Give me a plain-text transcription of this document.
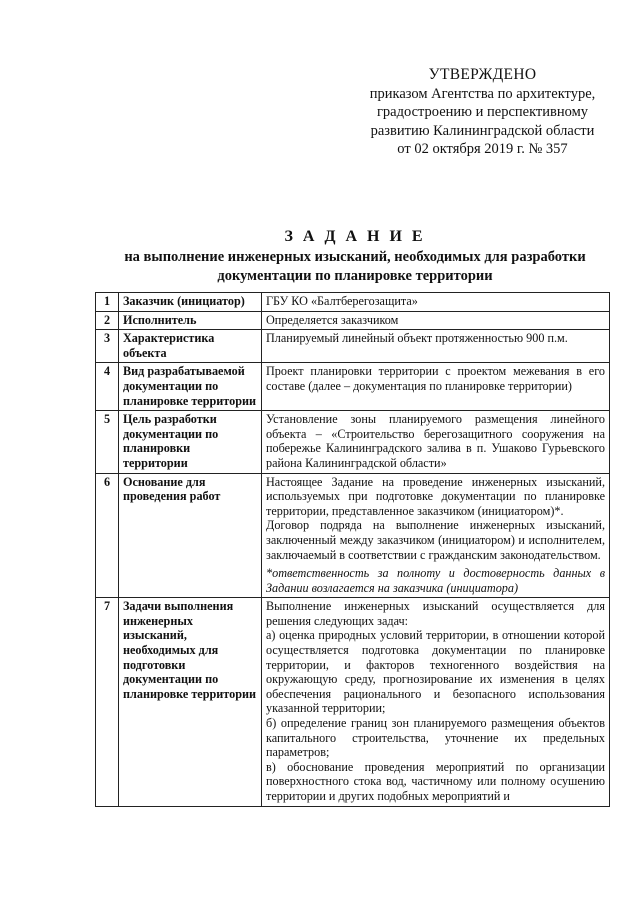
УТВЕРЖДЕНО
приказом Агентства по архитектуре,
градостроению и перспективному
развитию Калининградской области
от 02 октября 2019 г. № 357
З А Д А Н И Е
на выполнение инженерных изысканий, необходимых для разработки
документации по планировке территории
1	Заказчик (инициатор)	ГБУ КО «Балтберегозащита»
2	Исполнитель	Определяется заказчиком
3	Характеристика объекта	Планируемый линейный объект протяженностью 900 п.м.
4	Вид разрабатываемой документации по планировке территории	Проект планировки территории с проектом межевания в его составе (далее – документация по планировке территории)
5	Цель разработки документации по планировки территории	Установление зоны планируемого размещения линейного объекта – «Строительство берегозащитного сооружения на побережье Калининградского залива в п. Ушаково Гурьевского района Калининградской области»
6	Основание для проведения работ	Настоящее Задание на проведение инженерных изысканий, используемых при подготовке документации по планировке территории, представленное заказчиком (инициатором)*.

Договор подряда на выполнение инженерных изысканий, заключенный между заказчиком (инициатором) и исполнителем, заключаемый в соответствии с гражданским законодательством.

*ответственность за полноту и достоверность данных в Задании возлагается на заказчика (инициатора)

7	Задачи выполнения инженерных изысканий, необходимых для подготовки документации по планировке территории	Выполнение инженерных изысканий осуществляется для решения следующих задач:

а) оценка природных условий территории, в отношении которой осуществляется подготовка документации по планировке территории, и факторов техногенного воздействия на окружающую среду, прогнозирование их изменения в целях обеспечения рационального и безопасного использования указанной территории;

б) определение границ зон планируемого размещения объектов капитального строительства, уточнение их предельных параметров;

в) обоснование проведения мероприятий по организации поверхностного стока вод, частичному или полному осушению территории и других подобных мероприятий и
